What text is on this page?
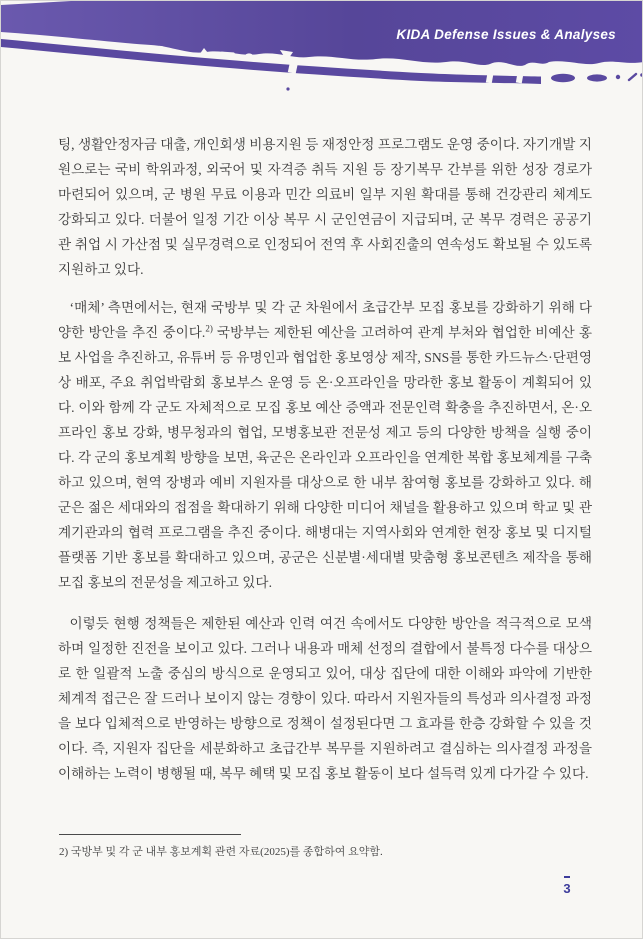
KIDA Defense Issues & Analyses

팅, 생활안정자금 대출, 개인회생 비용지원 등 재정안정 프로그램도 운영 중이다. 자기개발 지원으로는 국비 학위과정, 외국어 및 자격증 취득 지원 등 장기복무 간부를 위한 성장 경로가 마련되어 있으며, 군 병원 무료 이용과 민간 의료비 일부 지원 확대를 통해 건강관리 체계도 강화되고 있다. 더불어 일정 기간 이상 복무 시 군인연금이 지급되며, 군 복무 경력은 공공기관 취업 시 가산점 및 실무경력으로 인정되어 전역 후 사회진출의 연속성도 확보될 수 있도록 지원하고 있다.

‘매체’ 측면에서는, 현재 국방부 및 각 군 차원에서 초급간부 모집 홍보를 강화하기 위해 다양한 방안을 추진 중이다.$^{2)}$ 국방부는 제한된 예산을 고려하여 관계 부처와 협업한 비예산 홍보 사업을 추진하고, 유튜버 등 유명인과 협업한 홍보영상 제작, SNS를 통한 카드뉴스·단편영상 배포, 주요 취업박람회 홍보부스 운영 등 온·오프라인을 망라한 홍보 활동이 계획되어 있다. 이와 함께 각 군도 자체적으로 모집 홍보 예산 증액과 전문인력 확충을 추진하면서, 온·오프라인 홍보 강화, 병무청과의 협업, 모병홍보관 전문성 제고 등의 다양한 방책을 실행 중이다. 각 군의 홍보계획 방향을 보면, 육군은 온라인과 오프라인을 연계한 복합 홍보체계를 구축하고 있으며, 현역 장병과 예비 지원자를 대상으로 한 내부 참여형 홍보를 강화하고 있다. 해군은 젊은 세대와의 접점을 확대하기 위해 다양한 미디어 채널을 활용하고 있으며 학교 및 관계기관과의 협력 프로그램을 추진 중이다. 해병대는 지역사회와 연계한 현장 홍보 및 디지털 플랫폼 기반 홍보를 확대하고 있으며, 공군은 신분별·세대별 맞춤형 홍보콘텐츠 제작을 통해 모집 홍보의 전문성을 제고하고 있다.

이렇듯 현행 정책들은 제한된 예산과 인력 여건 속에서도 다양한 방안을 적극적으로 모색하며 일정한 진전을 보이고 있다. 그러나 내용과 매체 선정의 결합에서 불특정 다수를 대상으로 한 일괄적 노출 중심의 방식으로 운영되고 있어, 대상 집단에 대한 이해와 파악에 기반한 체계적 접근은 잘 드러나 보이지 않는 경향이 있다. 따라서 지원자들의 특성과 의사결정 과정을 보다 입체적으로 반영하는 방향으로 정책이 설정된다면 그 효과를 한층 강화할 수 있을 것이다. 즉, 지원자 집단을 세분화하고 초급간부 복무를 지원하려고 결심하는 의사결정 과정을 이해하는 노력이 병행될 때, 복무 혜택 및 모집 홍보 활동이 보다 설득력 있게 다가갈 수 있다.

2) 국방부 및 각 군 내부 홍보계획 관련 자료(2025)를 종합하여 요약함.
3
